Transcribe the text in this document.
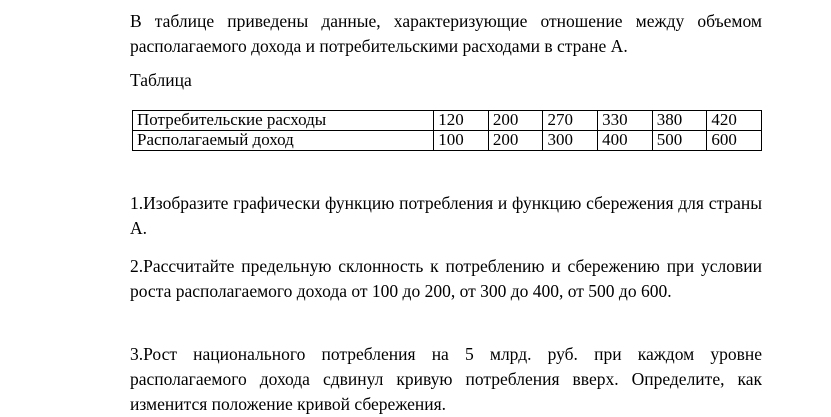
В таблице приведены данные, характеризующие отношение между объемом располагаемого дохода и потребительскими расходами в стране А.

Таблица

Потребительские расходы	120	200	270	330	380	420
Располагаемый доход	100	200	300	400	500	600

1.Изобразите графически функцию потребления и функцию сбережения для страны А.

2.Рассчитайте предельную склонность к потреблению и сбережению при условии роста располагаемого дохода от 100 до 200, от 300 до 400, от 500 до 600.

3.Рост национального потребления на 5 млрд. руб. при каждом уровне располагаемого дохода сдвинул кривую потребления вверх. Определите, как изменится положение кривой сбережения.
